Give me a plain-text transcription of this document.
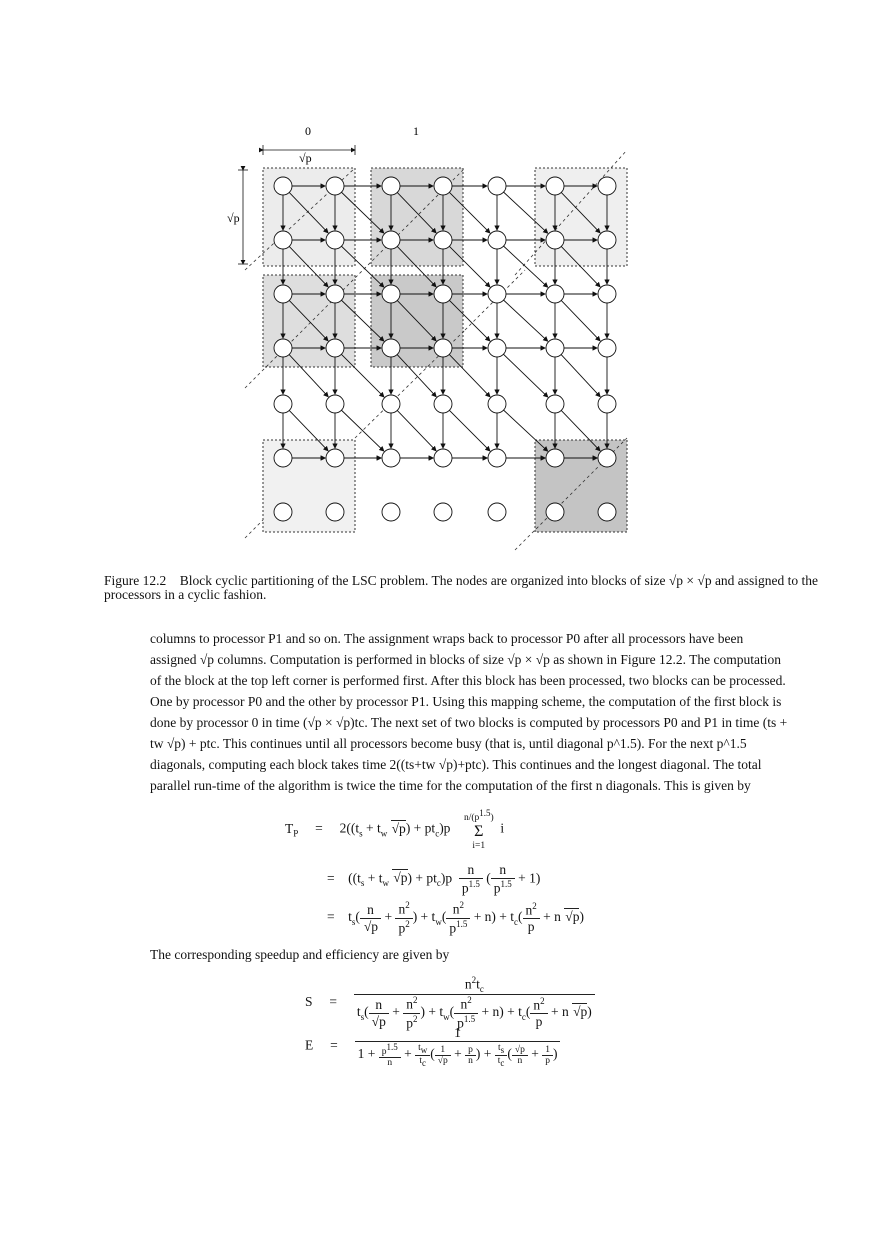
0	1
√p
√p
Figure 12.2 Block cyclic partitioning of the LSC problem. The nodes are organized into blocks of size √p × √p and assigned to the processors in a cyclic fashion.
columns to processor P1 and so on. The assignment wraps back to processor P0 after all processors have been assigned √p columns. Computation is performed in blocks of size √p × √p as shown in Figure 12.2. The computation of the block at the top left corner is performed first. After this block has been processed, two blocks can be processed. One by processor P0 and the other by processor P1. Using this mapping scheme, the computation of the first block is done by processor 0 in time (√p × √p)tc. The next set of two blocks is computed by processors P0 and P1 in time (ts + tw √p) + ptc. This continues until all processors become busy (that is, until diagonal p^1.5). For the next p^1.5 diagonals, computing each block takes time 2((ts+tw √p)+ptc). This continues and the longest diagonal. The total parallel run-time of the algorithm is twice the time for the computation of the first n diagonals. This is given by
$T_P$     =     $2((t_s + t_w$ $√p) + pt_c)p$
$n/(p^{1.5})$
Σ
i=1
i
=    (($t_s + t_w$ $√p) + pt_c)p \frac{n}{p^{1.5}}$ ( $\frac{n}{p^{1.5}} + 1$)
=    $t_s( \frac{n}{√p} + \frac{n^2}{p^2}$ ) + $t_w( \frac{n^2}{p^{1.5}} + n) + t_c( \frac{n^2}{p} + n$ √p)
The corresponding speedup and efficiency are given by
S     = $\frac{n^2t_c}{t_s( \frac{n}{√p} + \frac{n^2}{p^2} ) + t_w( \frac{n^2}{p^{1.5}} + n) + t_c( \frac{n^2}{p} + n √p)}$
E     = $\frac{1}{1 + \frac{p^{1.5}}{n} + \frac{t_w}{t_c} ( \frac{1}{√p} + \frac{p}{n} ) + \frac{t_s}{t_c} ( \frac{√p}{n} + \frac{1}{p} )}$
